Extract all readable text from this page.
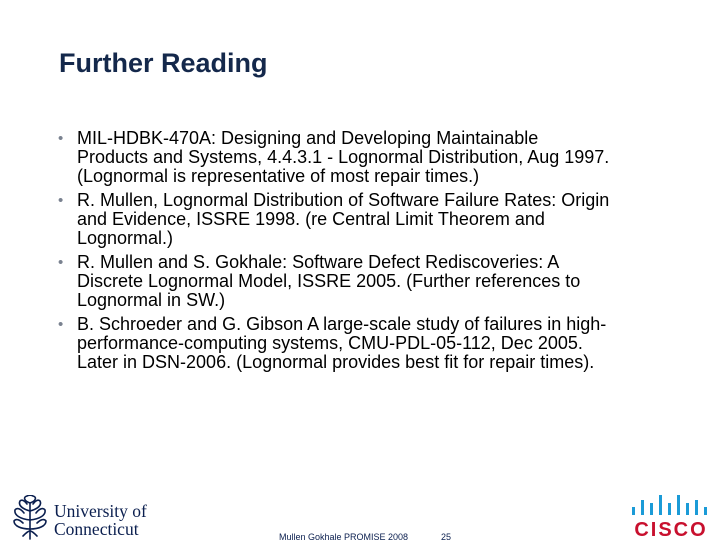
Further Reading
• MIL-HDBK-470A: Designing and Developing Maintainable
Products and Systems, 4.4.3.1 - Lognormal Distribution, Aug 1997.
(Lognormal is representative of most repair times.)
• R. Mullen, Lognormal Distribution of Software Failure Rates: Origin
and Evidence, ISSRE 1998. (re Central Limit Theorem and
Lognormal.)
• R. Mullen and S. Gokhale: Software Defect Rediscoveries: A
Discrete Lognormal Model, ISSRE 2005. (Further references to
Lognormal in SW.)
• B. Schroeder and G. Gibson A large-scale study of failures in high-
performance-computing systems, CMU-PDL-05-112, Dec 2005.
Later in DSN-2006. (Lognormal provides best fit for repair times).
University of
Connecticut	Mullen Gokhale PROMISE 2008	25	CISCO
